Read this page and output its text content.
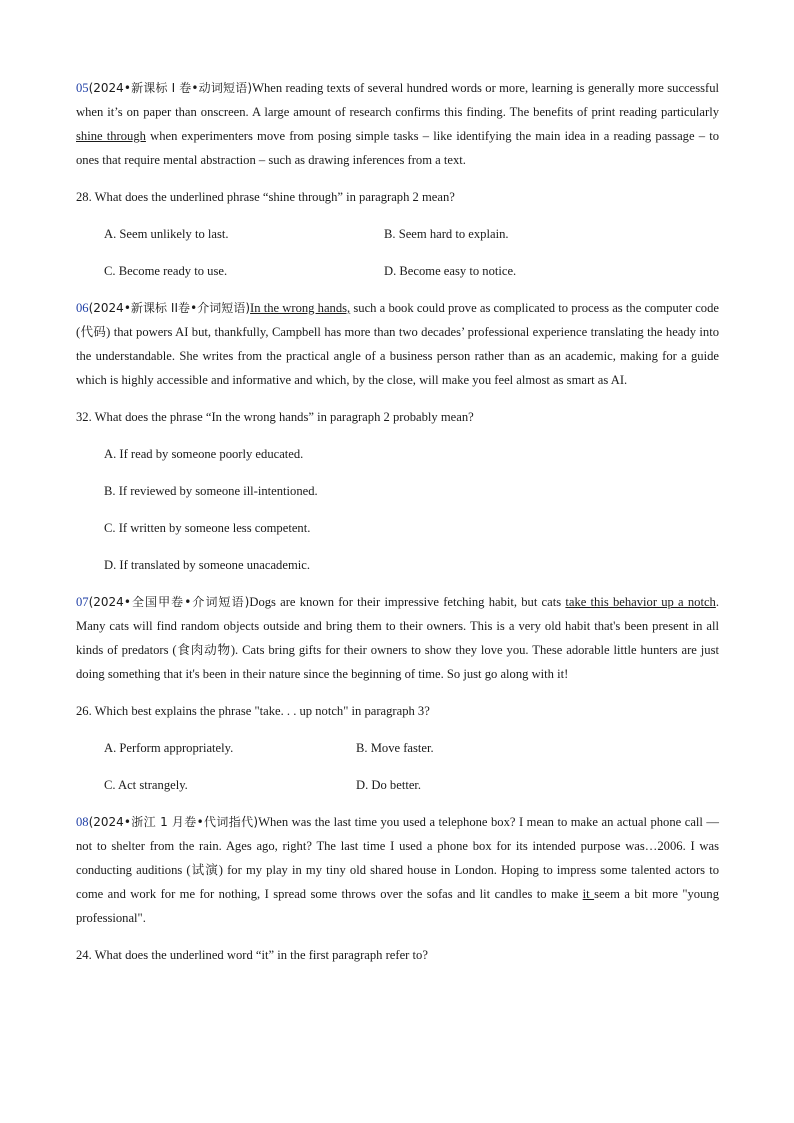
05(2024•新课标 I 卷•动词短语)When reading texts of several hundred words or more, learning is generally more successful when it’s on paper than onscreen. A large amount of research confirms this finding. The benefits of print reading particularly shine through when experimenters move from posing simple tasks – like identifying the main idea in a reading passage – to ones that require mental abstraction – such as drawing inferences from a text.

28. What does the underlined phrase “shine through” in paragraph 2 mean?

A. Seem unlikely to last.	B. Seem hard to explain.
C. Become ready to use.	D. Become easy to notice.

06(2024•新课标 II卷•介词短语)In the wrong hands, such a book could prove as complicated to process as the computer code (代码) that powers AI but, thankfully, Campbell has more than two decades’ professional experience translating the heady into the understandable. She writes from the practical angle of a business person rather than as an academic, making for a guide which is highly accessible and informative and which, by the close, will make you feel almost as smart as AI.

32. What does the phrase “In the wrong hands” in paragraph 2 probably mean?

A. If read by someone poorly educated.
B. If reviewed by someone ill-intentioned.
C. If written by someone less competent.
D. If translated by someone unacademic.

07(2024•全国甲卷•介词短语)Dogs are known for their impressive fetching habit, but cats take this behavior up a notch. Many cats will find random objects outside and bring them to their owners. This is a very old habit that's been present in all kinds of predators (食肉动物). Cats bring gifts for their owners to show they love you. These adorable little hunters are just doing something that it's been in their nature since the beginning of time. So just go along with it!

26. Which best explains the phrase "take. . . up notch" in paragraph 3?

A. Perform appropriately.	B. Move faster.
C. Act strangely.	D. Do better.

08(2024•浙江 1 月卷•代词指代)When was the last time you used a telephone box? I mean to make an actual phone call — not to shelter from the rain. Ages ago, right? The last time I used a phone box for its intended purpose was…2006. I was conducting auditions (试演) for my play in my tiny old shared house in London. Hoping to impress some talented actors to come and work for me for nothing, I spread some throws over the sofas and lit candles to make it seem a bit more "young professional".

24. What does the underlined word “it” in the first paragraph refer to?
